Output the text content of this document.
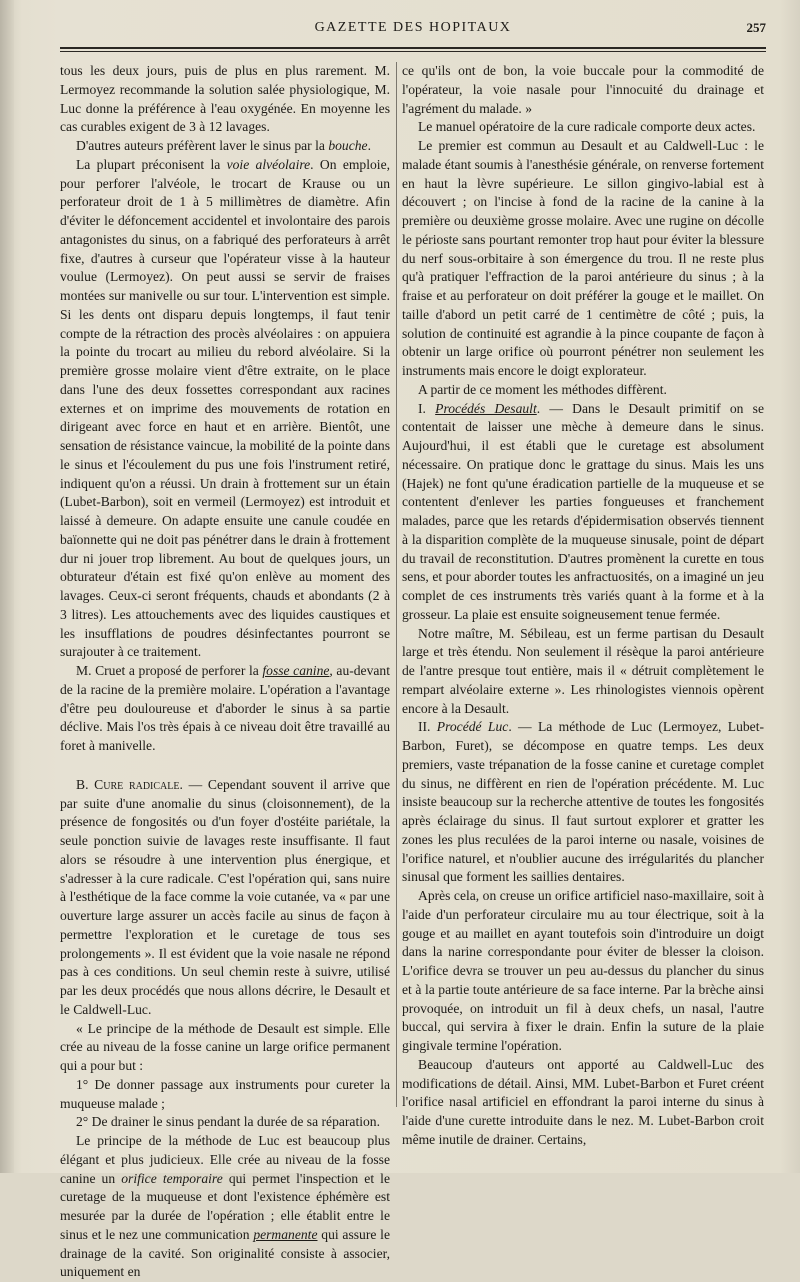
GAZETTE DES HOPITAUX	257

tous les deux jours, puis de plus en plus rarement. M. Lermoyez recommande la solution salée physiologique, M. Luc donne la préférence à l'eau oxygénée. En moyenne les cas curables exigent de 3 à 12 lavages.

D'autres auteurs préfèrent laver le sinus par la bouche.

La plupart préconisent la voie alvéolaire. On emploie, pour perforer l'alvéole, le trocart de Krause ou un perforateur droit de 1 à 5 millimètres de diamètre. Afin d'éviter le défoncement accidentel et involontaire des parois antagonistes du sinus, on a fabriqué des perforateurs à arrêt fixe, d'autres à curseur que l'opérateur visse à la hauteur voulue (Lermoyez). On peut aussi se servir de fraises montées sur manivelle ou sur tour. L'intervention est simple. Si les dents ont disparu depuis longtemps, il faut tenir compte de la rétraction des procès alvéolaires : on appuiera la pointe du trocart au milieu du rebord alvéolaire. Si la première grosse molaire vient d'être extraite, on le place dans l'une des deux fossettes correspondant aux racines externes et on imprime des mouvements de rotation en dirigeant avec force en haut et en arrière. Bientôt, une sensation de résistance vaincue, la mobilité de la pointe dans le sinus et l'écoulement du pus une fois l'instrument retiré, indiquent qu'on a réussi. Un drain à frottement sur un étain (Lubet-Barbon), soit en vermeil (Lermoyez) est introduit et laissé à demeure. On adapte ensuite une canule coudée en baïonnette qui ne doit pas pénétrer dans le drain à frottement dur ni jouer trop librement. Au bout de quelques jours, un obturateur d'étain est fixé qu'on enlève au moment des lavages. Ceux-ci seront fréquents, chauds et abondants (2 à 3 litres). Les attouchements avec des liquides caustiques et les insufflations de poudres désinfectantes pourront se surajouter à ce traitement.

M. Cruet a proposé de perforer la fosse canine, au-devant de la racine de la première molaire. L'opération a l'avantage d'être peu douloureuse et d'aborder le sinus à sa partie déclive. Mais l'os très épais à ce niveau doit être travaillé au foret à manivelle.

B. Cure radicale. — Cependant souvent il arrive que par suite d'une anomalie du sinus (cloisonnement), de la présence de fongosités ou d'un foyer d'ostéite pariétale, la seule ponction suivie de lavages reste insuffisante. Il faut alors se résoudre à une intervention plus énergique, et s'adresser à la cure radicale. C'est l'opération qui, sans nuire à l'esthétique de la face comme la voie cutanée, va « par une ouverture large assurer un accès facile au sinus de façon à permettre l'exploration et le curetage de tous ses prolongements ». Il est évident que la voie nasale ne répond pas à ces conditions. Un seul chemin reste à suivre, utilisé par les deux procédés que nous allons décrire, le Desault et le Caldwell-Luc.

« Le principe de la méthode de Desault est simple. Elle crée au niveau de la fosse canine un large orifice permanent qui a pour but :

1° De donner passage aux instruments pour cureter la muqueuse malade ;

2° De drainer le sinus pendant la durée de sa réparation.

Le principe de la méthode de Luc est beaucoup plus élégant et plus judicieux. Elle crée au niveau de la fosse canine un orifice temporaire qui permet l'inspection et le curetage de la muqueuse et dont l'existence éphémère est mesurée par la durée de l'opération ; elle établit entre le sinus et le nez une communication permanente qui assure le drainage de la cavité. Son originalité consiste à associer, uniquement en

ce qu'ils ont de bon, la voie buccale pour la commodité de l'opérateur, la voie nasale pour l'innocuité du drainage et l'agrément du malade. »

Le manuel opératoire de la cure radicale comporte deux actes.

Le premier est commun au Desault et au Caldwell-Luc : le malade étant soumis à l'anesthésie générale, on renverse fortement en haut la lèvre supérieure. Le sillon gingivo-labial est à découvert ; on l'incise à fond de la racine de la canine à la première ou deuxième grosse molaire. Avec une rugine on décolle le périoste sans pourtant remonter trop haut pour éviter la blessure du nerf sous-orbitaire à son émergence du trou. Il ne reste plus qu'à pratiquer l'effraction de la paroi antérieure du sinus ; à la fraise et au perforateur on doit préférer la gouge et le maillet. On taille d'abord un petit carré de 1 centimètre de côté ; puis, la solution de continuité est agrandie à la pince coupante de façon à obtenir un large orifice où pourront pénétrer non seulement les instruments mais encore le doigt explorateur.

A partir de ce moment les méthodes diffèrent.

I. Procédés Desault. — Dans le Desault primitif on se contentait de laisser une mèche à demeure dans le sinus. Aujourd'hui, il est établi que le curetage est absolument nécessaire. On pratique donc le grattage du sinus. Mais les uns (Hajek) ne font qu'une éradication partielle de la muqueuse et se contentent d'enlever les parties fongueuses et franchement malades, parce que les retards d'épidermisation observés tiennent à la disparition complète de la muqueuse sinusale, point de départ du travail de reconstitution. D'autres promènent la curette en tous sens, et pour aborder toutes les anfractuosités, on a imaginé un jeu complet de ces instruments très variés quant à la forme et à la grosseur. La plaie est ensuite soigneusement tenue fermée.

Notre maître, M. Sébileau, est un ferme partisan du Desault large et très étendu. Non seulement il résèque la paroi antérieure de l'antre presque tout entière, mais il « détruit complètement le rempart alvéolaire externe ». Les rhinologistes viennois opèrent encore à la Desault.

II. Procédé Luc. — La méthode de Luc (Lermoyez, Lubet-Barbon, Furet), se décompose en quatre temps. Les deux premiers, vaste trépanation de la fosse canine et curetage complet du sinus, ne diffèrent en rien de l'opération précédente. M. Luc insiste beaucoup sur la recherche attentive de toutes les fongosités après éclairage du sinus. Il faut surtout explorer et gratter les zones les plus reculées de la paroi interne ou nasale, voisines de l'orifice naturel, et n'oublier aucune des irrégularités du plancher sinusal que forment les saillies dentaires.

Après cela, on creuse un orifice artificiel naso-maxillaire, soit à l'aide d'un perforateur circulaire mu au tour électrique, soit à la gouge et au maillet en ayant toutefois soin d'introduire un doigt dans la narine correspondante pour éviter de blesser la cloison. L'orifice devra se trouver un peu au-dessus du plancher du sinus et à la partie toute antérieure de sa face interne. Par la brèche ainsi provoquée, on introduit un fil à deux chefs, un nasal, l'autre buccal, qui servira à fixer le drain. Enfin la suture de la plaie gingivale termine l'opération.

Beaucoup d'auteurs ont apporté au Caldwell-Luc des modifications de détail. Ainsi, MM. Lubet-Barbon et Furet créent l'orifice nasal artificiel en effondrant la paroi interne du sinus à l'aide d'une curette introduite dans le nez. M. Lubet-Barbon croit même inutile de drainer. Certains,
